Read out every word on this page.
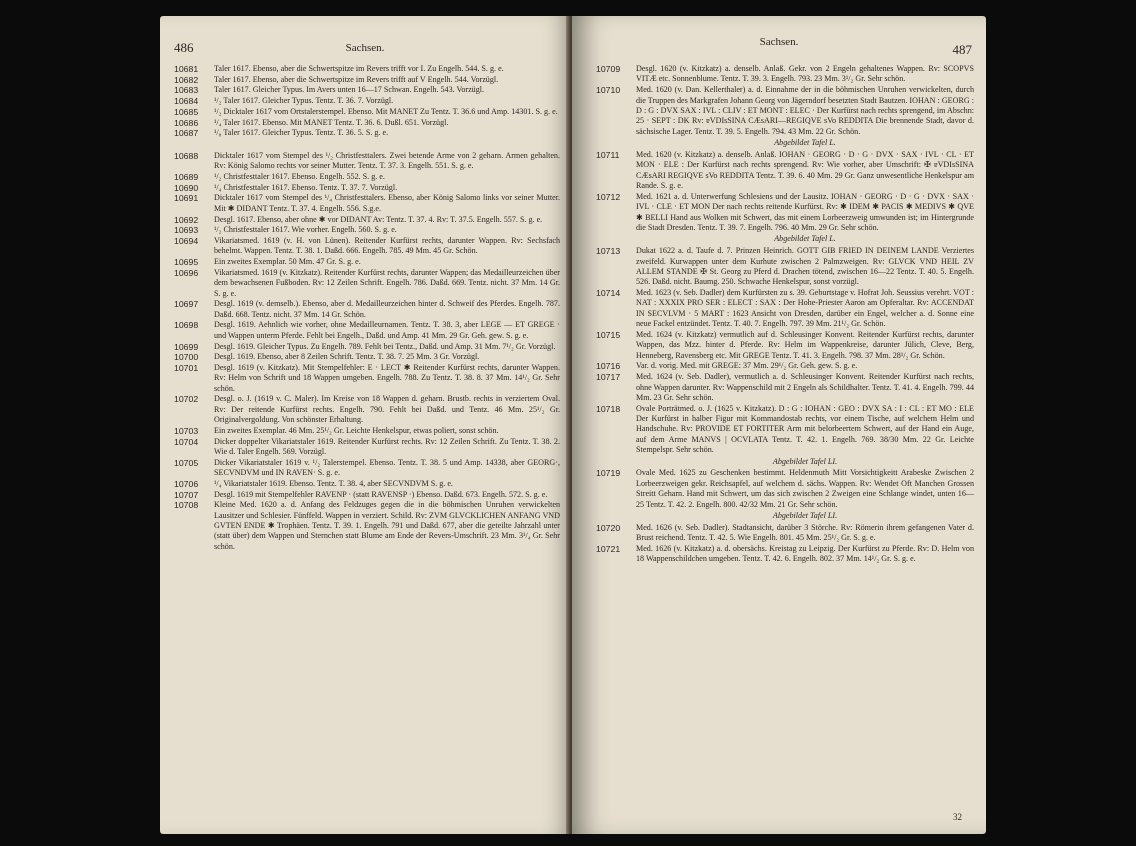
486	Sachsen.
10681	Taler 1617. Ebenso, aber die Schwertspitze im Revers trifft vor I. Zu Engelh. 544. S. g. e.
10682	Taler 1617. Ebenso, aber die Schwertspitze im Revers trifft auf V Engelh. 544. Vorzügl.
10683	Taler 1617. Gleicher Typus. Im Avers unten 16—17 Schwan. Engelh. 543. Vorzügl.
10684	¹/₂ Taler 1617. Gleicher Typus. Tentz. T. 36. 7. Vorzügl.
10685	¹/₂ Dicktaler 1617 vom Ortstalerstempel. Ebenso. Mit MANET Zu Tentz. T. 36.6 und Amp. 14301. S. g. e.
10686	¹/₄ Taler 1617. Ebenso. Mit MANET Tentz. T. 36. 6. Dußl. 651. Vorzügl.
10687	¹/₈ Taler 1617. Gleicher Typus. Tentz. T. 36. 5. S. g. e.
10688	Dicktaler 1617 vom Stempel des ¹/₂ Christfesttalers. Zwei betende Arme von 2 geharn. Armen gehalten. Rv: König Salomo rechts vor seiner Mutter. Tentz. T. 37. 3. Engelh. 551. S. g. e.
10689	¹/₂ Christfesttaler 1617. Ebenso. Engelh. 552. S. g. e.
10690	¹/₄ Christfesttaler 1617. Ebenso. Tentz. T. 37. 7. Vorzügl.
10691	Dicktaler 1617 vom Stempel des ¹/₄ Christfesttalers. Ebenso, aber König Salomo links vor seiner Mutter. Mit ✱ DIDANT Tentz. T. 37. 4. Engelh. 556. S.g.e.
10692	Desgl. 1617. Ebenso, aber ohne ✱ vor DIDANT Av: Tentz. T. 37. 4. Rv: T. 37.5. Engelh. 557. S. g. e.
10693	¹/₂ Christfesttaler 1617. Wie vorher. Engelh. 560. S. g. e.
10694	Vikariatsmed. 1619 (v. H. von Lünen). Reitender Kurfürst rechts, darunter Wappen. Rv: Sechsfach behelmt. Wappen. Tentz. T. 38. 1. Daßd. 666. Engelh. 785. 49 Mm. 45 Gr. Schön.
10695	Ein zweites Exemplar. 50 Mm. 47 Gr. S. g. e.
10696	Vikariatsmed. 1619 (v. Kitzkatz). Reitender Kurfürst rechts, darunter Wappen; das Medailleurzeichen über dem bewachsenen Fußboden. Rv: 12 Zeilen Schrift. Engelh. 786. Daßd. 669. Tentz. nicht. 37 Mm. 14 Gr. S. g. e.
10697	Desgl. 1619 (v. demselb.). Ebenso, aber d. Medailleurzeichen hinter d. Schweif des Pferdes. Engelh. 787. Daßd. 668. Tentz. nicht. 37 Mm. 14 Gr. Schön.
10698	Desgl. 1619. Aehnlich wie vorher, ohne Medailleurnamen. Tentz. T. 38. 3, aber LEGE — ET GREGE · und Wappen unterm Pferde. Fehlt bei Engelh., Daßd. und Amp. 41 Mm. 29 Gr. Geh. gew. S. g. e.
10699	Desgl. 1619. Gleicher Typus. Zu Engelh. 789. Fehlt bei Tentz., Daßd. und Amp. 31 Mm. 7¹/₂ Gr. Vorzügl.
10700	Desgl. 1619. Ebenso, aber 8 Zeilen Schrift. Tentz. T. 38. 7. 25 Mm. 3 Gr. Vorzügl.
10701	Desgl. 1619 (v. Kitzkatz). Mit Stempelfehler: E · LECT ✱ Reitender Kurfürst rechts, darunter Wappen. Rv: Helm von Schrift und 18 Wappen umgeben. Engelh. 788. Zu Tentz. T. 38. 8. 37 Mm. 14¹/₂ Gr. Sehr schön.
10702	Desgl. o. J. (1619 v. C. Maler). Im Kreise von 18 Wappen d. geharn. Brustb. rechts in verziertem Oval. Rv: Der reitende Kurfürst rechts. Engelh. 790. Fehlt bei Daßd. und Tentz. 46 Mm. 25¹/₂ Gr. Originalvergoldung. Von schönster Erhaltung.
10703	Ein zweites Exemplar. 46 Mm. 25¹/₂ Gr. Leichte Henkelspur, etwas poliert, sonst schön.
10704	Dicker doppelter Vikariatstaler 1619. Reitender Kurfürst rechts. Rv: 12 Zeilen Schrift. Zu Tentz. T. 38. 2. Wie d. Taler Engelh. 569. Vorzügl.
10705	Dicker Vikariatstaler 1619 v. ¹/₂ Talerstempel. Ebenso. Tentz. T. 38. 5 und Amp. 14338, aber GEORG·, SECVNDVM und IN RAVEN· S. g. e.
10706	¹/₄ Vikariatstaler 1619. Ebenso. Tentz. T. 38. 4, aber SECVNDVM S. g. e.
10707	Desgl. 1619 mit Stempelfehler RAVENP · (statt RAVENSP ·) Ebenso. Daßd. 673. Engelh. 572. S. g. e.
10708	Kleine Med. 1620 a. d. Anfang des Feldzuges gegen die in die böhmischen Unruhen verwickelten Lausitzer und Schlesier. Fünffeld. Wappen in verziert. Schild. Rv: ZVM GLVCKLICHEN ANFANG VND GVTEN ENDE ✱ Trophäen. Tentz. T. 39. 1. Engelh. 791 und Daßd. 677, aber die geteilte Jahrzahl unter (statt über) dem Wappen und Sternchen statt Blume am Ende der Revers-Umschrift. 23 Mm. 3¹/₄ Gr. Sehr schön.
Sachsen.	487
10709	Desgl. 1620 (v. Kitzkatz) a. denselb. Anlaß. Gekr. von 2 Engeln gehaltenes Wappen. Rv: SCOPVS VITÆ etc. Sonnenblume. Tentz. T. 39. 3. Engelh. 793. 23 Mm. 3¹/₂ Gr. Sehr schön.
10710	Med. 1620 (v. Dan. Kellerthaler) a. d. Einnahme der in die böhmischen Unruhen verwickelten, durch die Truppen des Markgrafen Johann Georg von Jägerndorf besetzten Stadt Bautzen. IOHAN : GEORG : D : G : DVX SAX : IVL : CLIV : ET MONT : ELEC · Der Kurfürst nach rechts sprengend, im Abschn: 25 · SEPT : DK Rv: ɐVDIsSINA CÆsARI—REGIQVE sVo REDDITA Die brennende Stadt, davor d. sächsische Lager. Tentz. T. 39. 5. Engelh. 794. 43 Mm. 22 Gr. Schön.
Abgebildet Tafel L.
10711	Med. 1620 (v. Kitzkatz) a. denselb. Anlaß. IOHAN · GEORG · D · G · DVX · SAX · IVL · CL · ET MON · ELE : Der Kurfürst nach rechts sprengend. Rv: Wie vorher, aber Umschrift: ✠ ɐVDIsSINA CÆsARI REGIQVE sVo REDDITA Tentz. T. 39. 6. 40 Mm. 29 Gr. Ganz unwesentliche Henkelspur am Rande. S. g. e.
10712	Med. 1621 a. d. Unterwerfung Schlesiens und der Lausitz. IOHAN · GEORG · D · G · DVX · SAX · IVL · CLE · ET MON Der nach rechts reitende Kurfürst. Rv: ✱ IDEM ✱ PACIS ✱ MEDIVS ✱ QVE ✱ BELLI Hand aus Wolken mit Schwert, das mit einem Lorbeerzweig umwunden ist; im Hintergrunde die Stadt Dresden. Tentz. T. 39. 7. Engelh. 796. 40 Mm. 29 Gr. Sehr schön.
Abgebildet Tafel L.
10713	Dukat 1622 a. d. Taufe d. 7. Prinzen Heinrich. GOTT GIB FRIED IN DEINEM LANDE Verziertes zweifeld. Kurwappen unter dem Kurhute zwischen 2 Palmzweigen. Rv: GLVCK VND HEIL ZV ALLEM STANDE ✠ St. Georg zu Pferd d. Drachen tötend, zwischen 16—22 Tentz. T. 40. 5. Engelh. 526. Daßd. nicht. Baumg. 250. Schwache Henkelspur, sonst vorzügl.
10714	Med. 1623 (v. Seb. Dadler) dem Kurfürsten zu s. 39. Geburtstage v. Hofrat Joh. Seussius verehrt. VOT : NAT : XXXIX PRO SER : ELECT : SAX : Der Hohe-Priester Aaron am Opferaltar. Rv: ACCENDAT IN SECVLVM · 5 MART : 1623 Ansicht von Dresden, darüber ein Engel, welcher a. d. Sonne eine neue Fackel entzündet. Tentz. T. 40. 7. Engelh. 797. 39 Mm. 21¹/₂ Gr. Schön.
10715	Med. 1624 (v. Kitzkatz) vermutlich auf d. Schleusinger Konvent. Reitender Kurfürst rechts, darunter Wappen, das Mzz. hinter d. Pferde. Rv: Helm im Wappenkreise, darunter Jülich, Cleve, Berg, Henneberg, Ravensberg etc. Mit GREGE Tentz. T. 41. 3. Engelh. 798. 37 Mm. 28¹/₂ Gr. Schön.
10716	Var. d. vorig. Med. mit GREGE: 37 Mm. 29¹/₂ Gr. Geh. gew. S. g. e.
10717	Med. 1624 (v. Seb. Dadler), vermutlich a. d. Schleusinger Konvent. Reitender Kurfürst nach rechts, ohne Wappen darunter. Rv: Wappenschild mit 2 Engeln als Schildhalter. Tentz. T. 41. 4. Engelh. 799. 44 Mm. 23 Gr. Sehr schön.
10718	Ovale Porträtmed. o. J. (1625 v. Kitzkatz). D : G : IOHAN : GEO : DVX SA : I : CL : ET MO : ELE Der Kurfürst in halber Figur mit Kommandostab rechts, vor einem Tische, auf welchem Helm und Handschuhe. Rv: PROVIDE ET FORTITER Arm mit belorbeertem Schwert, auf der Hand ein Auge, auf dem Arme MANVS | OCVLATA Tentz. T. 42. 1. Engelh. 769. 38/30 Mm. 22 Gr. Leichte Stempelspr. Sehr schön.
Abgebildet Tafel LI.
10719	Ovale Med. 1625 zu Geschenken bestimmt. Heldenmuth Mitt Vorsichtigkeitt Arabeske Zwischen 2 Lorbeerzweigen gekr. Reichsapfel, auf welchem d. sächs. Wappen. Rv: Wendet Oft Manchen Grossen Streitt Geharn. Hand mit Schwert, um das sich zwischen 2 Zweigen eine Schlange windet, unten 16—25 Tentz. T. 42. 2. Engelh. 800. 42/32 Mm. 21 Gr. Sehr schön.
Abgebildet Tafel LI.
10720	Med. 1626 (v. Seb. Dadler). Stadtansicht, darüber 3 Störche. Rv: Römerin ihrem gefangenen Vater d. Brust reichend. Tentz. T. 42. 5. Wie Engelh. 801. 45 Mm. 25¹/₂ Gr. S. g. e.
10721	Med. 1626 (v. Kitzkatz) a. d. obersächs. Kreistag zu Leipzig. Der Kurfürst zu Pferde. Rv: D. Helm von 18 Wappenschildchen umgeben. Tentz. T. 42. 6. Engelh. 802. 37 Mm. 14¹/₂ Gr. S. g. e.
32
